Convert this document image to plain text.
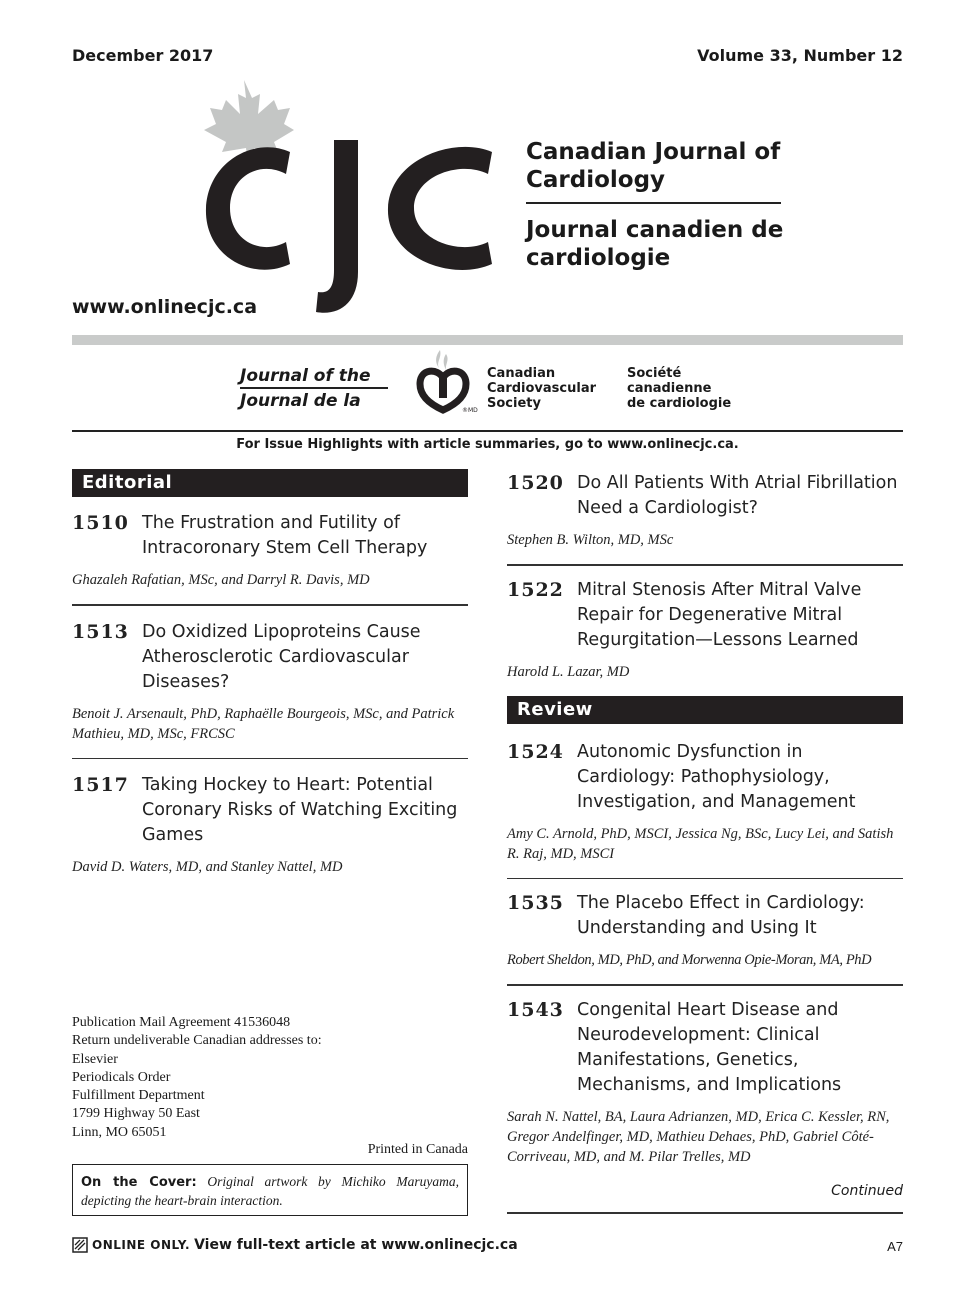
December 2017	Volume 33, Number 12
Canadian Journal of Cardiology
Journal canadien de cardiologie
www.onlinecjc.ca
Journal of the
Journal de la	®MD
Canadian
Cardiovascular
Society
Société
canadienne
de cardiologie
For Issue Highlights with article summaries, go to www.onlinecjc.ca.
Editorial
1510 The Frustration and Futility of Intracoronary Stem Cell Therapy
Ghazaleh Rafatian, MSc, and Darryl R. Davis, MD
1513 Do Oxidized Lipoproteins Cause Atherosclerotic Cardiovascular Diseases?
Benoit J. Arsenault, PhD, Raphaëlle Bourgeois, MSc, and Patrick Mathieu, MD, MSc, FRCSC
1517 Taking Hockey to Heart: Potential Coronary Risks of Watching Exciting Games
David D. Waters, MD, and Stanley Nattel, MD
1520 Do All Patients With Atrial Fibrillation Need a Cardiologist?
Stephen B. Wilton, MD, MSc
1522 Mitral Stenosis After Mitral Valve Repair for Degenerative Mitral Regurgitation—Lessons Learned
Harold L. Lazar, MD
Review
1524 Autonomic Dysfunction in Cardiology: Pathophysiology, Investigation, and Management
Amy C. Arnold, PhD, MSCI, Jessica Ng, BSc, Lucy Lei, and Satish R. Raj, MD, MSCI
1535 The Placebo Effect in Cardiology: Understanding and Using It
Robert Sheldon, MD, PhD, and Morwenna Opie-Moran, MA, PhD
1543 Congenital Heart Disease and Neurodevelopment: Clinical Manifestations, Genetics, Mechanisms, and Implications
Sarah N. Nattel, BA, Laura Adrianzen, MD, Erica C. Kessler, RN, Gregor Andelfinger, MD, Mathieu Dehaes, PhD, Gabriel Côté-Corriveau, MD, and M. Pilar Trelles, MD
Publication Mail Agreement 41536048
Return undeliverable Canadian addresses to:
Elsevier
Periodicals Order
Fulfillment Department
1799 Highway 50 East
Linn, MO 65051
Printed in Canada
On the Cover: Original artwork by Michiko Maruyama, depicting the heart-brain interaction.
Continued
ONLINE ONLY. View full-text article at www.onlinecjc.ca	A7
